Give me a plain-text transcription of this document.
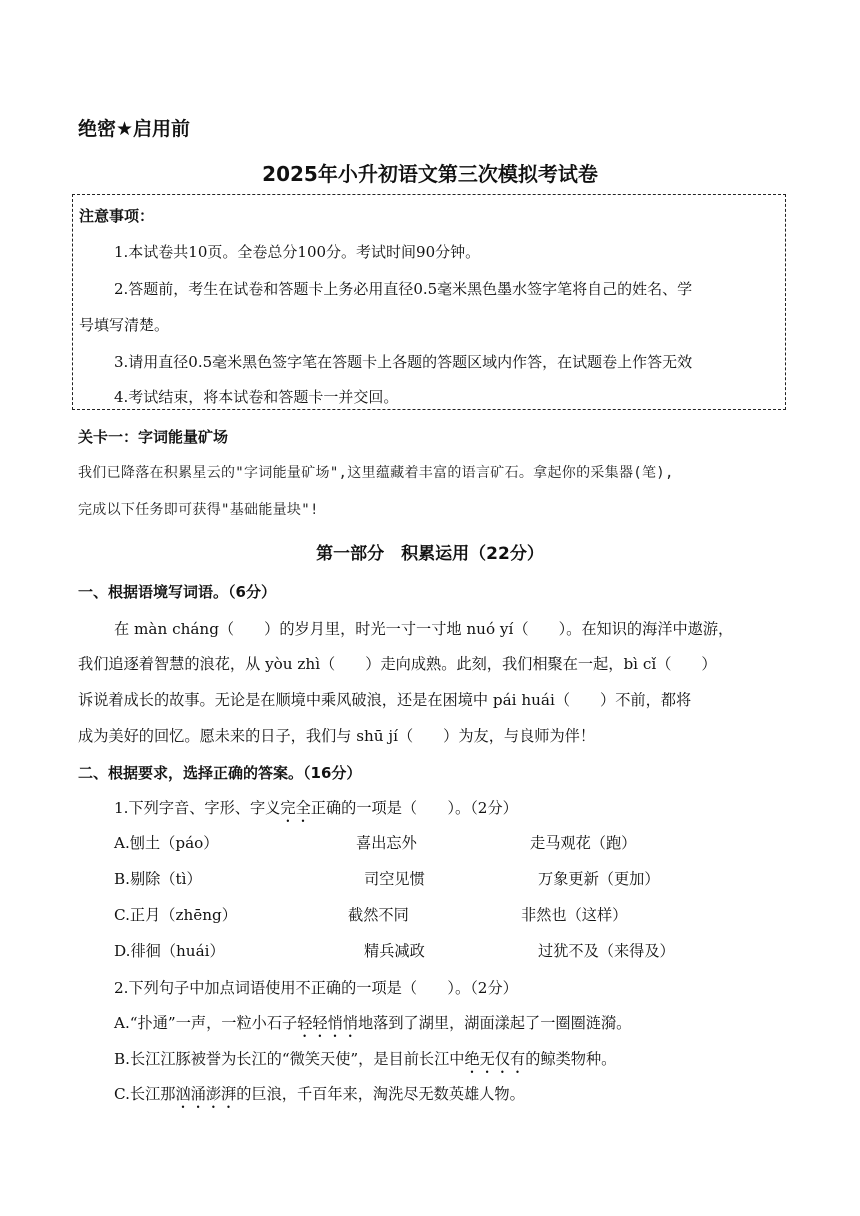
绝密★启用前
2025年小升初语文第三次模拟考试卷
注意事项：
1.本试卷共10页。全卷总分100分。考试时间90分钟。
2.答题前，考生在试卷和答题卡上务必用直径0.5毫米黑色墨水签字笔将自己的姓名、学
号填写清楚。
3.请用直径0.5毫米黑色签字笔在答题卡上各题的答题区域内作答，在试题卷上作答无效
4.考试结束，将本试卷和答题卡一并交回。
关卡一：字词能量矿场
我们已降落在积累星云的"字词能量矿场",这里蕴藏着丰富的语言矿石。拿起你的采集器(笔),
完成以下任务即可获得"基础能量块"!
第一部分　积累运用（22分）
一、根据语境写词语。（6分）
在 màn cháng（ ）的岁月里，时光一寸一寸地 nuó yí（ ）。在知识的海洋中遨游，
我们追逐着智慧的浪花，从 yòu zhì（ ）走向成熟。此刻，我们相聚在一起，bì cǐ（ ）
诉说着成长的故事。无论是在顺境中乘风破浪，还是在困境中 pái huái（ ）不前，都将
成为美好的回忆。愿未来的日子，我们与 shū jí（ ）为友，与良师为伴！
二、根据要求，选择正确的答案。（16分）
1.下列字音、字形、字义完全正确的一项是（　　）。（2分）
A.刨土（páo）	喜出忘外	走马观花（跑）
B.剔除（tì）	司空见惯	万象更新（更加）
C.正月（zhēng）	截然不同	非然也（这样）
D.徘徊（huái）	精兵减政	过犹不及（来得及）
2.下列句子中加点词语使用不正确的一项是（　　）。（2分）
A.“扑通”一声，一粒小石子轻轻悄悄地落到了湖里，湖面漾起了一圈圈涟漪。
B.长江江豚被誉为长江的“微笑天使”，是目前长江中绝无仅有的鲸类物种。
C.长江那汹涌澎湃的巨浪，千百年来，淘洗尽无数英雄人物。
